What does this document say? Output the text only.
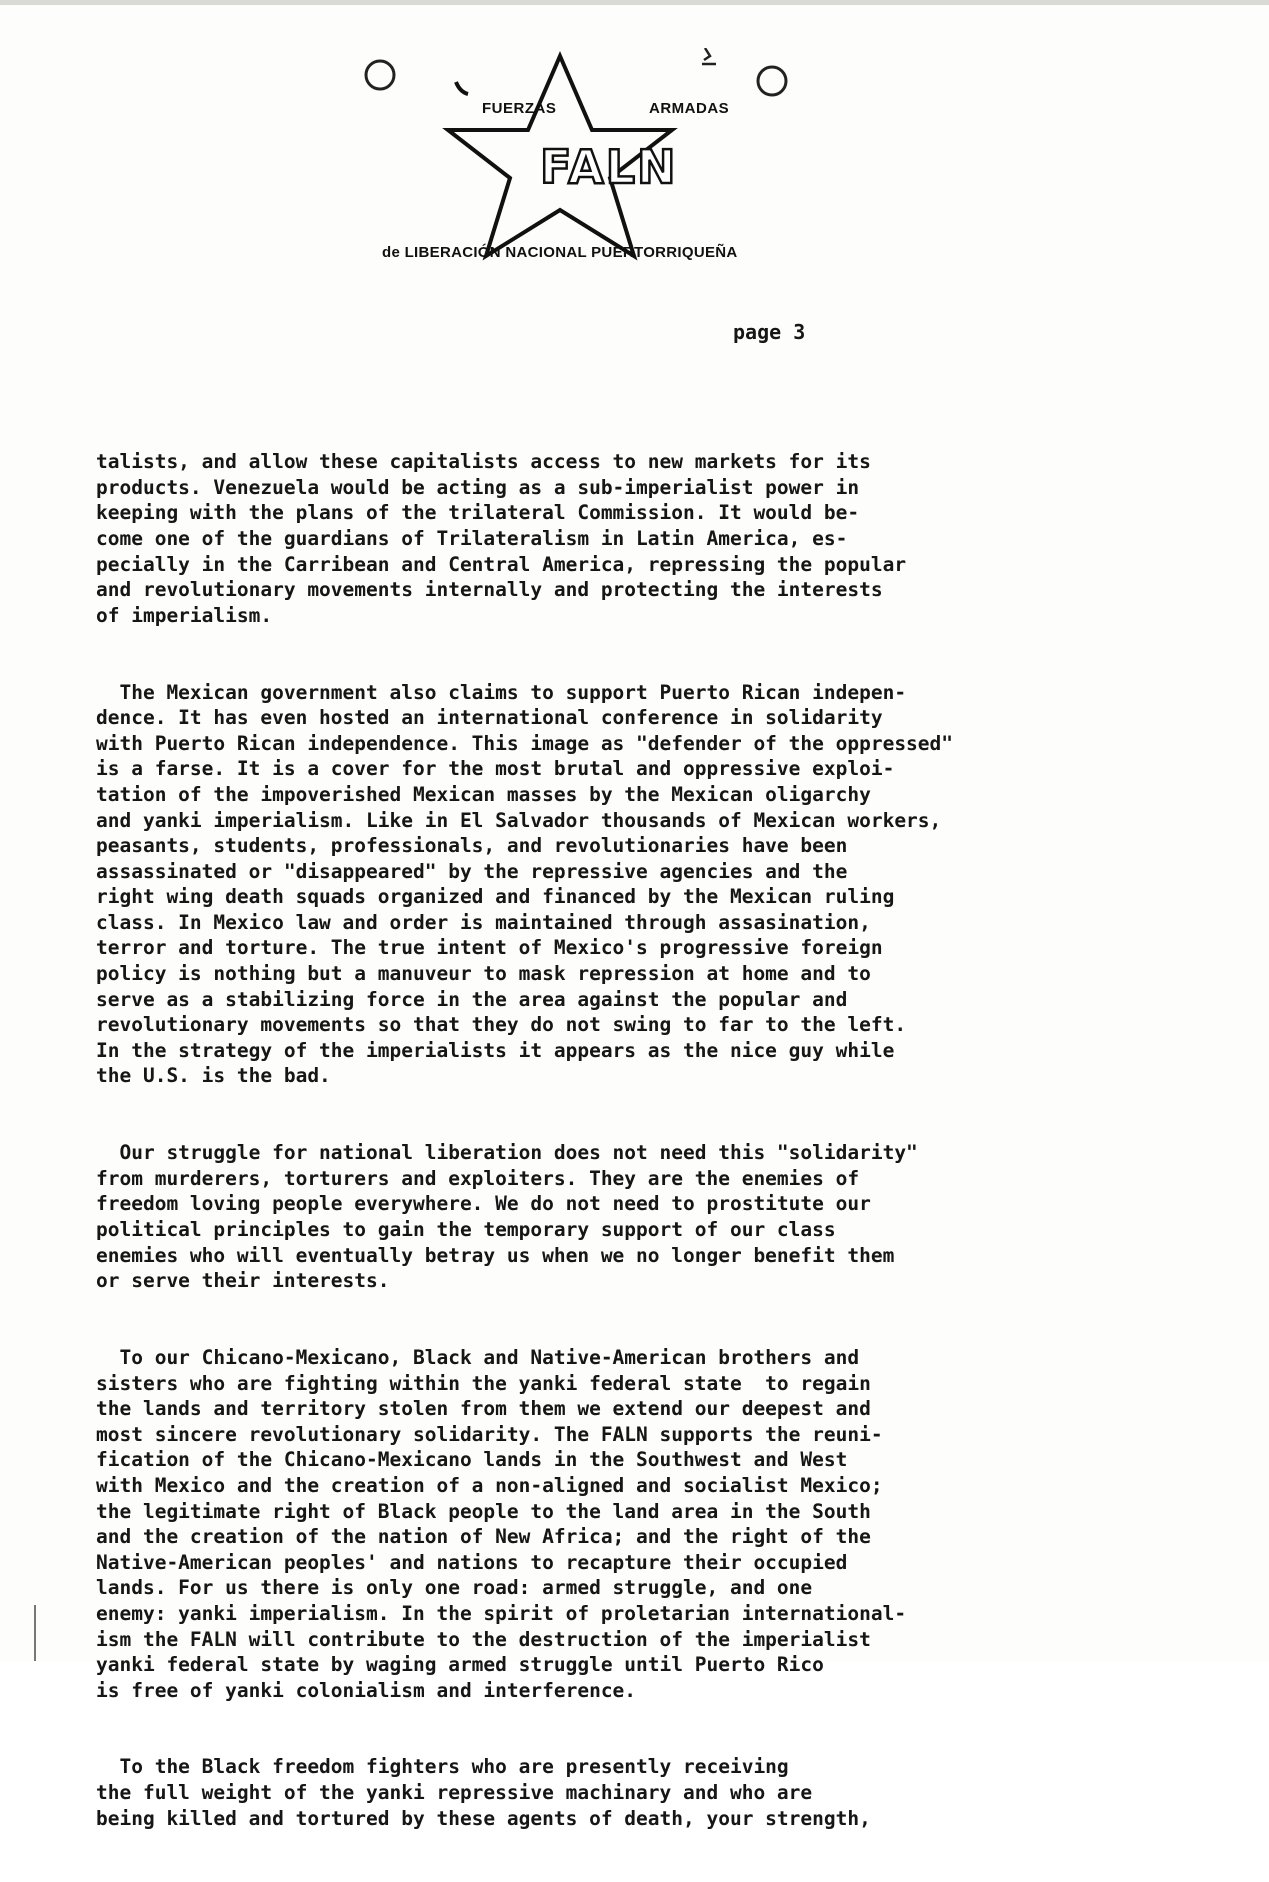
FUERZAS	ARMADAS
FALN
de LIBERACIÓN NACIONAL PUERTORRIQUEÑA
page 3

talists, and allow these capitalists access to new markets for its
products. Venezuela would be acting as a sub-imperialist power in
keeping with the plans of the trilateral Commission. It would be-
come one of the guardians of Trilateralism in Latin America, es-
pecially in the Carribean and Central America, repressing the popular
and revolutionary movements internally and protecting the interests
of imperialism.

The Mexican government also claims to support Puerto Rican indepen-
dence. It has even hosted an international conference in solidarity
with Puerto Rican independence. This image as "defender of the oppressed"
is a farse. It is a cover for the most brutal and oppressive exploi-
tation of the impoverished Mexican masses by the Mexican oligarchy
and yanki imperialism. Like in El Salvador thousands of Mexican workers,
peasants, students, professionals, and revolutionaries have been
assassinated or "disappeared" by the repressive agencies and the
right wing death squads organized and financed by the Mexican ruling
class. In Mexico law and order is maintained through assasination,
terror and torture. The true intent of Mexico's progressive foreign
policy is nothing but a manuveur to mask repression at home and to
serve as a stabilizing force in the area against the popular and
revolutionary movements so that they do not swing to far to the left.
In the strategy of the imperialists it appears as the nice guy while
the U.S. is the bad.

Our struggle for national liberation does not need this "solidarity"
from murderers, torturers and exploiters. They are the enemies of
freedom loving people everywhere. We do not need to prostitute our
political principles to gain the temporary support of our class
enemies who will eventually betray us when we no longer benefit them
or serve their interests.

To our Chicano-Mexicano, Black and Native-American brothers and
sisters who are fighting within the yanki federal state  to regain
the lands and territory stolen from them we extend our deepest and
most sincere revolutionary solidarity. The FALN supports the reuni-
fication of the Chicano-Mexicano lands in the Southwest and West
with Mexico and the creation of a non-aligned and socialist Mexico;
the legitimate right of Black people to the land area in the South
and the creation of the nation of New Africa; and the right of the
Native-American peoples' and nations to recapture their occupied
lands. For us there is only one road: armed struggle, and one
enemy: yanki imperialism. In the spirit of proletarian international-
ism the FALN will contribute to the destruction of the imperialist
yanki federal state by waging armed struggle until Puerto Rico
is free of yanki colonialism and interference.

To the Black freedom fighters who are presently receiving
the full weight of the yanki repressive machinary and who are
being killed and tortured by these agents of death, your strength,
